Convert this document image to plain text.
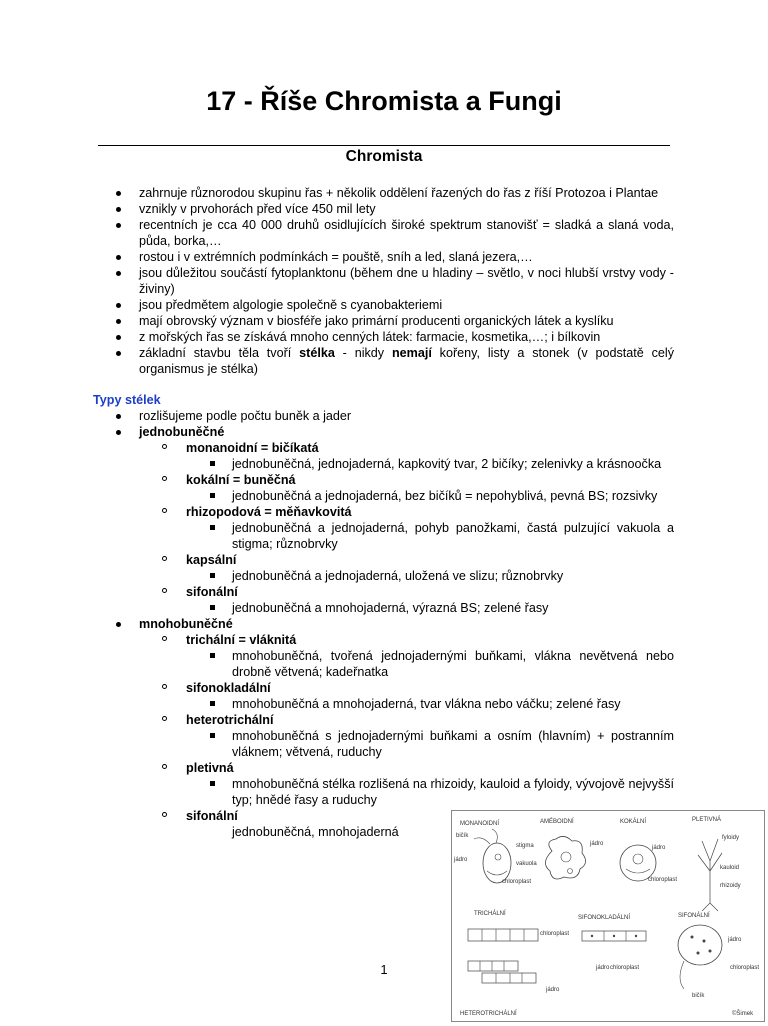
17 - Říše Chromista a Fungi
Chromista
zahrnuje různorodou skupinu řas + několik oddělení řazených do řas z říší Protozoa i Plantae
vznikly v prvohorách před více 450 mil lety
recentních je cca 40 000 druhů osidlujících široké spektrum stanovišť = sladká a slaná voda, půda, borka,…
rostou i v extrémních podmínkách = pouště, sníh a led, slaná jezera,…
jsou důležitou součástí fytoplanktonu (během dne u hladiny – světlo, v noci hlubší vrstvy vody - živiny)
jsou předmětem algologie společně s cyanobakteriemi
mají obrovský význam v biosféře jako primární producenti organických látek a kyslíku
z mořských řas se získává mnoho cenných látek: farmacie, kosmetika,…; i bílkovin
základní stavbu těla tvoří stélka - nikdy nemají kořeny, listy a stonek (v podstatě celý organismus je stélka)
Typy stélek
rozlišujeme podle počtu buněk a jader
jednobuněčné
monanoidní = bičíkatá
jednobuněčná, jednojaderná, kapkovitý tvar, 2 bičíky; zelenivky a krásnoočka
kokální = buněčná
jednobuněčná a jednojaderná, bez bičíků = nepohyblivá, pevná BS; rozsivky
rhizopodová = měňavkovitá
jednobuněčná a jednojaderná, pohyb panožkami, častá pulzující vakuola a stigma; různobrvky
kapsální
jednobuněčná a jednojaderná, uložená ve slizu; různobrvky
sifonální
jednobuněčná a mnohojaderná, výrazná BS; zelené řasy
mnohobuněčné
trichální = vláknitá
mnohobuněčná, tvořená jednojadernými buňkami, vlákna nevětvená nebo drobně větvená; kadeřnatka
sifonokladální
mnohobuněčná a mnohojaderná, tvar vlákna nebo váčku; zelené řasy
heterotrichální
mnohobuněčná s jednojadernými buňkami a osním (hlavním) + postranním vláknem; větvená, ruduchy
pletivná
mnohobuněčná stélka rozlišená na rhizoidy, kauloid a fyloidy, vývojově nejvyšší typ; hnědé řasy a ruduchy
sifonální
jednobuněčná, mnohojaderná
1
MONANOIDNÍ	AMÉBOIDNÍ	KOKÁLNÍ	PLETIVNÁ
bičík
stigma
jádro
vakuola
chloroplast
jádro
jádro
chloroplast
fyloidy
kauloid
rhizoidy
TRICHÁLNÍ
SIFONOKLADÁLNÍ	SIFONÁLNÍ
chloroplast
jádro
jádro chloroplast
jádro
chloroplast
bičík
HETEROTRICHÁLNÍ	©Šimek
